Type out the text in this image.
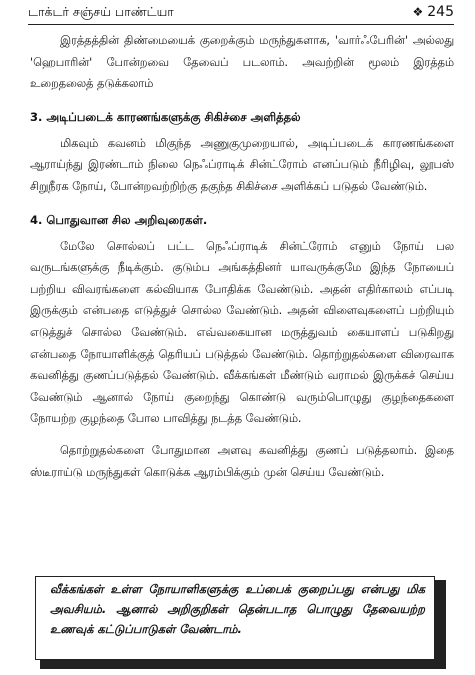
டாக்டர் சஞ்சய் பாண்ட்யா	❖ 245

இரத்தத்தின் திண்மையைக் குறைக்கும் மருந்துகளாக, 'வார்ஃபேரின்' அல்லது 'ஹெபாரின்' போன்றவை தேவைப் படலாம். அவற்றின் மூலம் இரத்தம் உறைதலைத் தடுக்கலாம்

3. அடிப்படைக் காரணங்களுக்கு சிகிச்சை அளித்தல்

மிகவும் கவனம் மிகுந்த அணுகுமுறையால், அடிப்படைக் காரணங்களை ஆராய்ந்து இரண்டாம் நிலை நெஃப்ராடிக் சின்ட்ரோம் எனப்படும் நீரிழிவு, லூபஸ் சிறுநீரக நோய், போன்றவற்றிற்கு தகுந்த சிகிச்சை அளிக்கப் படுதல் வேண்டும்.

4. பொதுவான சில அறிவுரைகள்.

மேலே சொல்லப் பட்ட நெஃப்ராடிக் சின்ட்ரோம் எனும் நோய் பல வருடங்களுக்கு நீடிக்கும். குடும்ப அங்கத்தினர் யாவருக்குமே இந்த நோயைப் பற்றிய விவரங்களை கல்வியாக போதிக்க வேண்டும். அதன் எதிர்காலம் எப்படி இருக்கும் என்பதை எடுத்துச் சொல்ல வேண்டும். அதன் விளைவுகளைப் பற்றியும் எடுத்துச் சொல்ல வேண்டும். எவ்வகையான மருத்துவம் கையாளப் படுகிறது என்பதை நோயாளிக்குத் தெரியப் படுத்தல் வேண்டும். தொற்றுதல்களை விரைவாக கவனித்து குணப்படுத்தல் வேண்டும். வீக்கங்கள் மீண்டும் வராமல் இருக்கச் செய்ய வேண்டும் ஆனால் நோய் குறைந்து கொண்டு வரும்பொழுது குழந்தைகளை நோயற்ற குழந்தை போல பாவித்து நடத்த வேண்டும்.

தொற்றுதல்களை போதுமான அளவு கவனித்து குணப் படுத்தலாம். இதை ஸ்டீராய்டு மருந்துகள் கொடுக்க ஆரம்பிக்கும் முன் செய்ய வேண்டும்.

வீக்கங்கள் உள்ள நோயாளிகளுக்கு உப்பைக் குறைப்பது என்பது மிக அவசியம். ஆனால் அறிகுறிகள் தென்படாத பொழுது தேவையற்ற உணவுக் கட்டுப்பாடுகள் வேண்டாம்.
